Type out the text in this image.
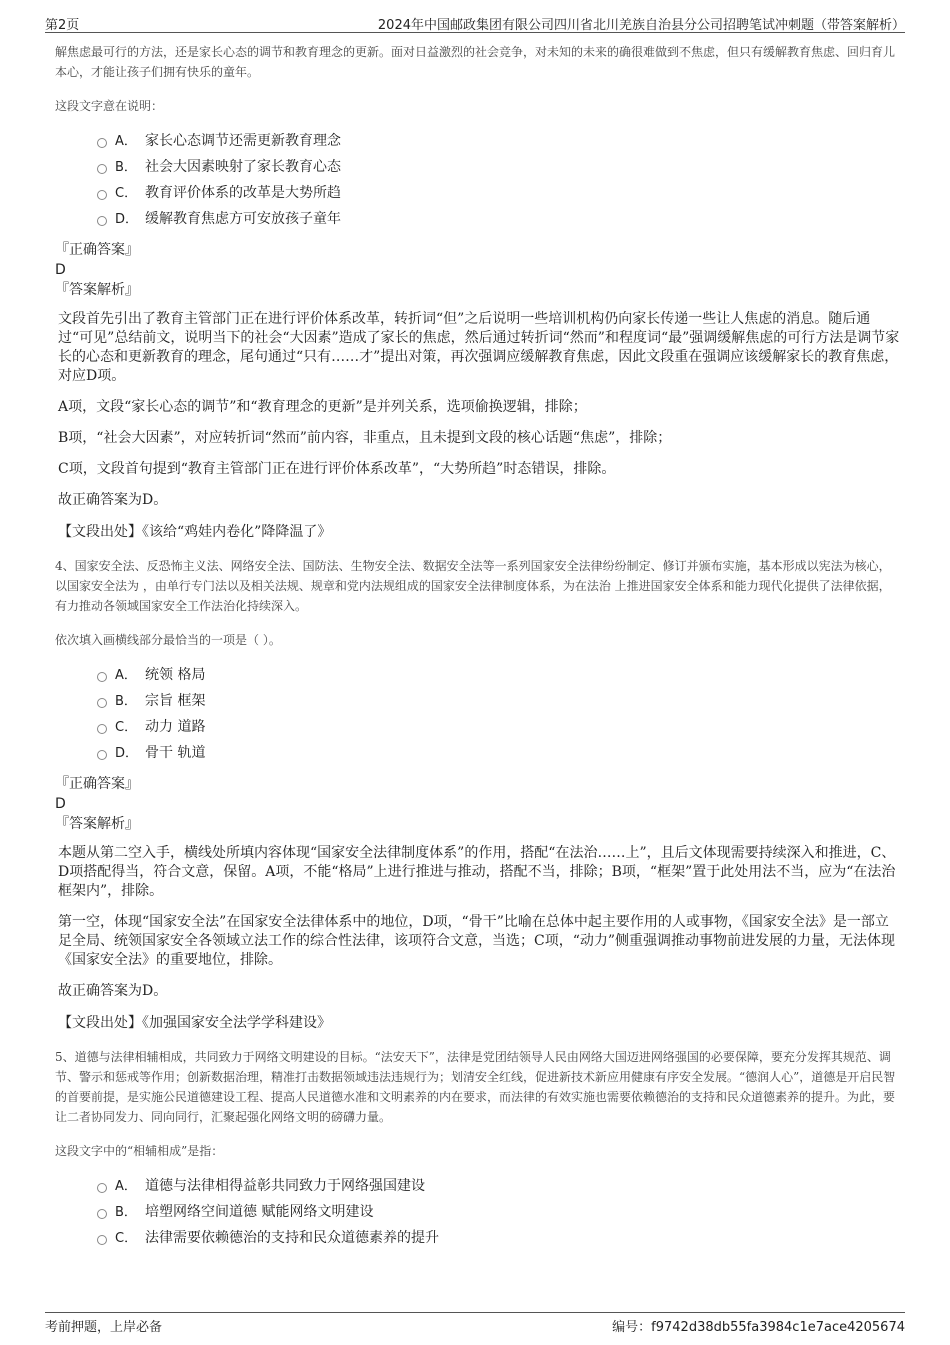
第2页	2024年中国邮政集团有限公司四川省北川羌族自治县分公司招聘笔试冲刺题（带答案解析）

解焦虑最可行的方法，还是家长心态的调节和教育理念的更新。面对日益激烈的社会竞争，对未知的未来的确很难做到不焦虑，但只有缓解教育焦虑、回归育儿本心，才能让孩子们拥有快乐的童年。

这段文字意在说明：

A． 家长心态调节还需更新教育理念
B． 社会大因素映射了家长教育心态
C． 教育评价体系的改革是大势所趋
D． 缓解教育焦虑方可安放孩子童年

『正确答案』

D

『答案解析』

文段首先引出了教育主管部门正在进行评价体系改革，转折词“但”之后说明一些培训机构仍向家长传递一些让人焦虑的消息。随后通过“可见”总结前文，说明当下的社会“大因素”造成了家长的焦虑，然后通过转折词“然而”和程度词“最”强调缓解焦虑的可行方法是调节家长的心态和更新教育的理念，尾句通过“只有……才”提出对策，再次强调应缓解教育焦虑，因此文段重在强调应该缓解家长的教育焦虑，对应D项。

A项，文段“家长心态的调节”和“教育理念的更新”是并列关系，选项偷换逻辑，排除；

B项，“社会大因素”，对应转折词“然而”前内容，非重点，且未提到文段的核心话题“焦虑”，排除；

C项，文段首句提到“教育主管部门正在进行评价体系改革”，“大势所趋”时态错误，排除。

故正确答案为D。

【文段出处】《该给“鸡娃内卷化”降降温了》

4、国家安全法、反恐怖主义法、网络安全法、国防法、生物安全法、数据安全法等一系列国家安全法律纷纷制定、修订并颁布实施，基本形成以宪法为核心，以国家安全法为 ，由单行专门法以及相关法规、规章和党内法规组成的国家安全法律制度体系，为在法治 上推进国家安全体系和能力现代化提供了法律依据，有力推动各领域国家安全工作法治化持续深入。

依次填入画横线部分最恰当的一项是（ ）。

A． 统领 格局
B． 宗旨 框架
C． 动力 道路
D． 骨干 轨道

『正确答案』

D

『答案解析』

本题从第二空入手，横线处所填内容体现“国家安全法律制度体系”的作用，搭配“在法治……上”，且后文体现需要持续深入和推进，C、D项搭配得当，符合文意，保留。A项，不能“格局”上进行推进与推动，搭配不当，排除；B项，“框架”置于此处用法不当，应为“在法治框架内”，排除。

第一空，体现“国家安全法”在国家安全法律体系中的地位，D项，“骨干”比喻在总体中起主要作用的人或事物，《国家安全法》是一部立足全局、统领国家安全各领域立法工作的综合性法律，该项符合文意，当选；C项，“动力”侧重强调推动事物前进发展的力量，无法体现《国家安全法》的重要地位，排除。

故正确答案为D。

【文段出处】《加强国家安全法学学科建设》

5、道德与法律相辅相成，共同致力于网络文明建设的目标。“法安天下”，法律是党团结领导人民由网络大国迈进网络强国的必要保障，要充分发挥其规范、调节、警示和惩戒等作用；创新数据治理，精准打击数据领域违法违规行为；划清安全红线，促进新技术新应用健康有序安全发展。“德润人心”，道德是开启民智的首要前提，是实施公民道德建设工程、提高人民道德水准和文明素养的内在要求，而法律的有效实施也需要依赖德治的支持和民众道德素养的提升。为此，要让二者协同发力、同向同行，汇聚起强化网络文明的磅礴力量。

这段文字中的“相辅相成”是指：

A． 道德与法律相得益彰共同致力于网络强国建设
B． 培塑网络空间道德 赋能网络文明建设
C． 法律需要依赖德治的支持和民众道德素养的提升
考前押题，上岸必备	编号：f9742d38db55fa3984c1e7ace4205674
